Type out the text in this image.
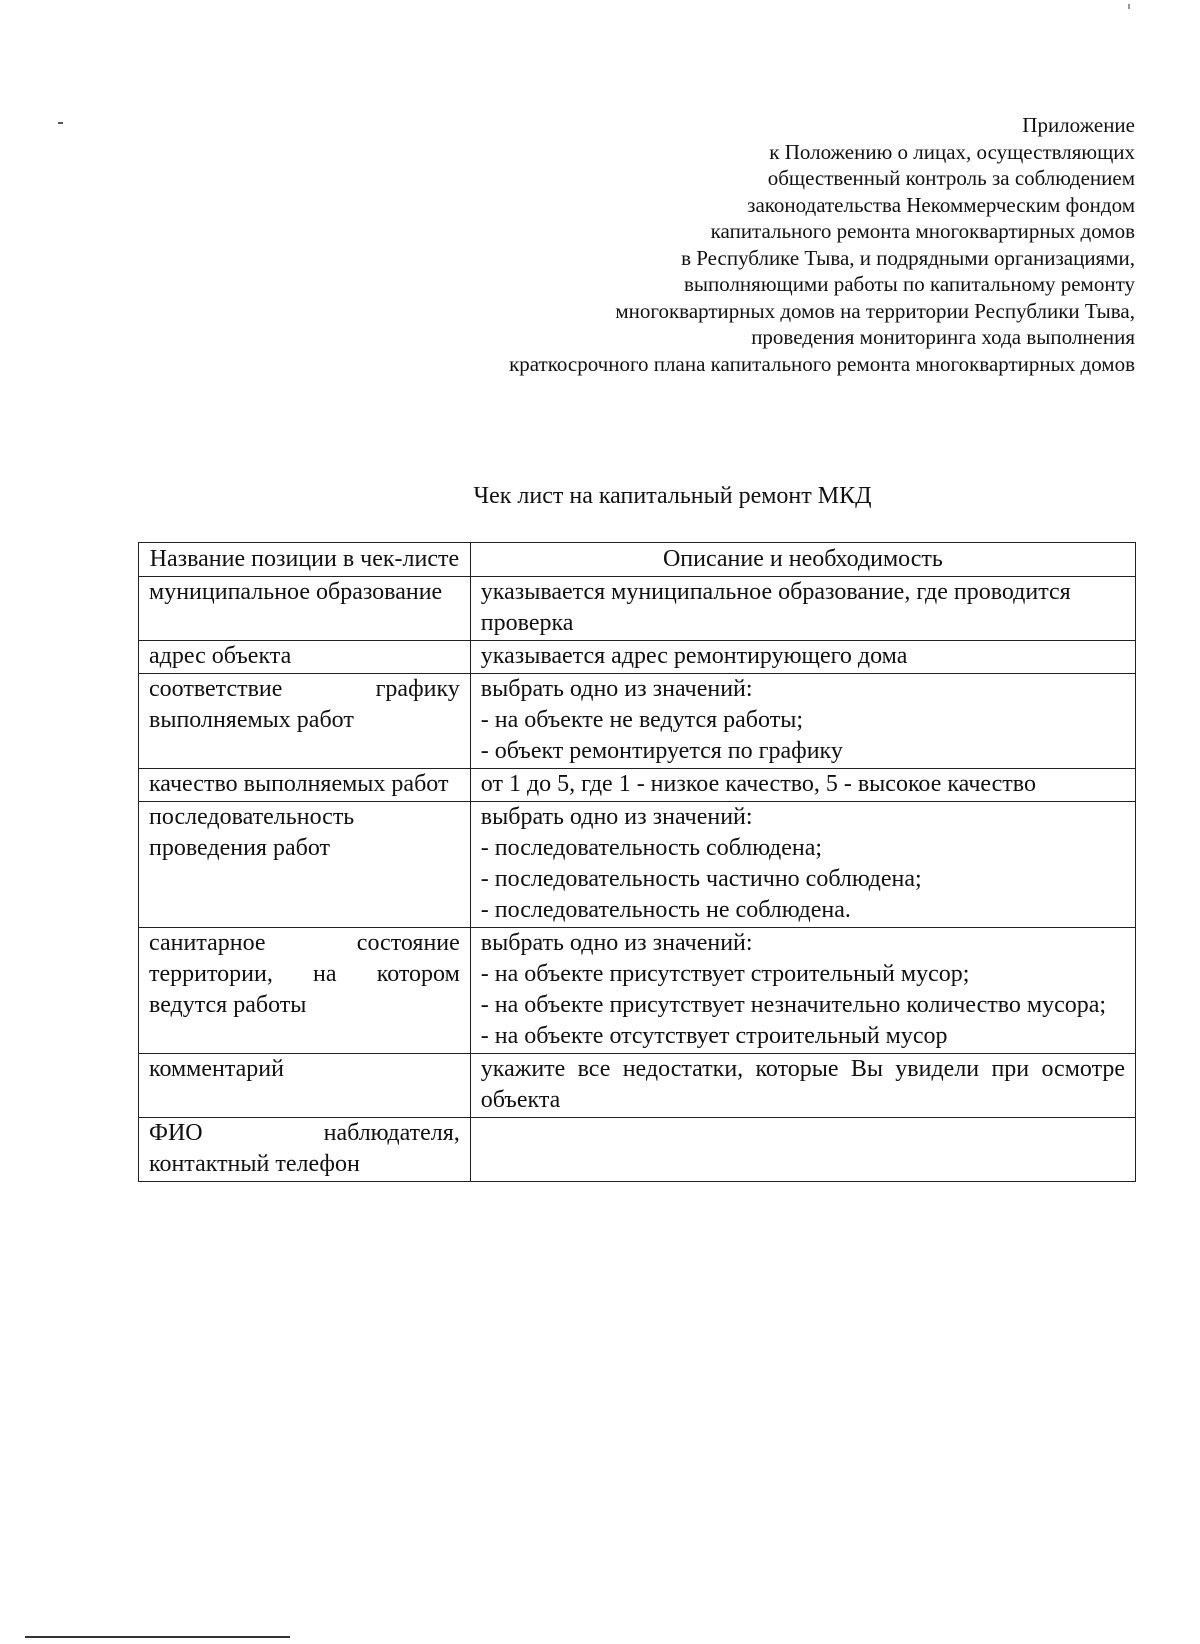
Приложение
к Положению о лицах, осуществляющих
общественный контроль за соблюдением
законодательства Некоммерческим фондом
капитального ремонта многоквартирных домов
в Республике Тыва, и подрядными организациями,
выполняющими работы по капитальному ремонту
многоквартирных домов на территории Республики Тыва,
проведения мониторинга хода выполнения
краткосрочного плана капитального ремонта многоквартирных домов
Чек лист на капитальный ремонт МКД
Название позиции в чек-листе	Описание и необходимость
муниципальное образование	указывается муниципальное образование, где проводится проверка
адрес объекта	указывается адрес ремонтирующего дома

соответствие графику выполняемых работ	выбрать одно из значений:
- на объекте не ведутся работы;
- объект ремонтируется по графику

качество выполняемых работ	от 1 до 5, где 1 - низкое качество, 5 - высокое качество

последовательность проведения работ	выбрать одно из значений:
- последовательность соблюдена;
- последовательность частично соблюдена;
- последовательность не соблюдена.

санитарное состояние территории, на котором ведутся работы	выбрать одно из значений:
- на объекте присутствует строительный мусор;
- на объекте присутствует незначительно количество мусора;
- на объекте отсутствует строительный мусор

комментарий	укажите все недостатки, которые Вы увидели при осмотре объекта

ФИО наблюдателя, контактный телефон	
